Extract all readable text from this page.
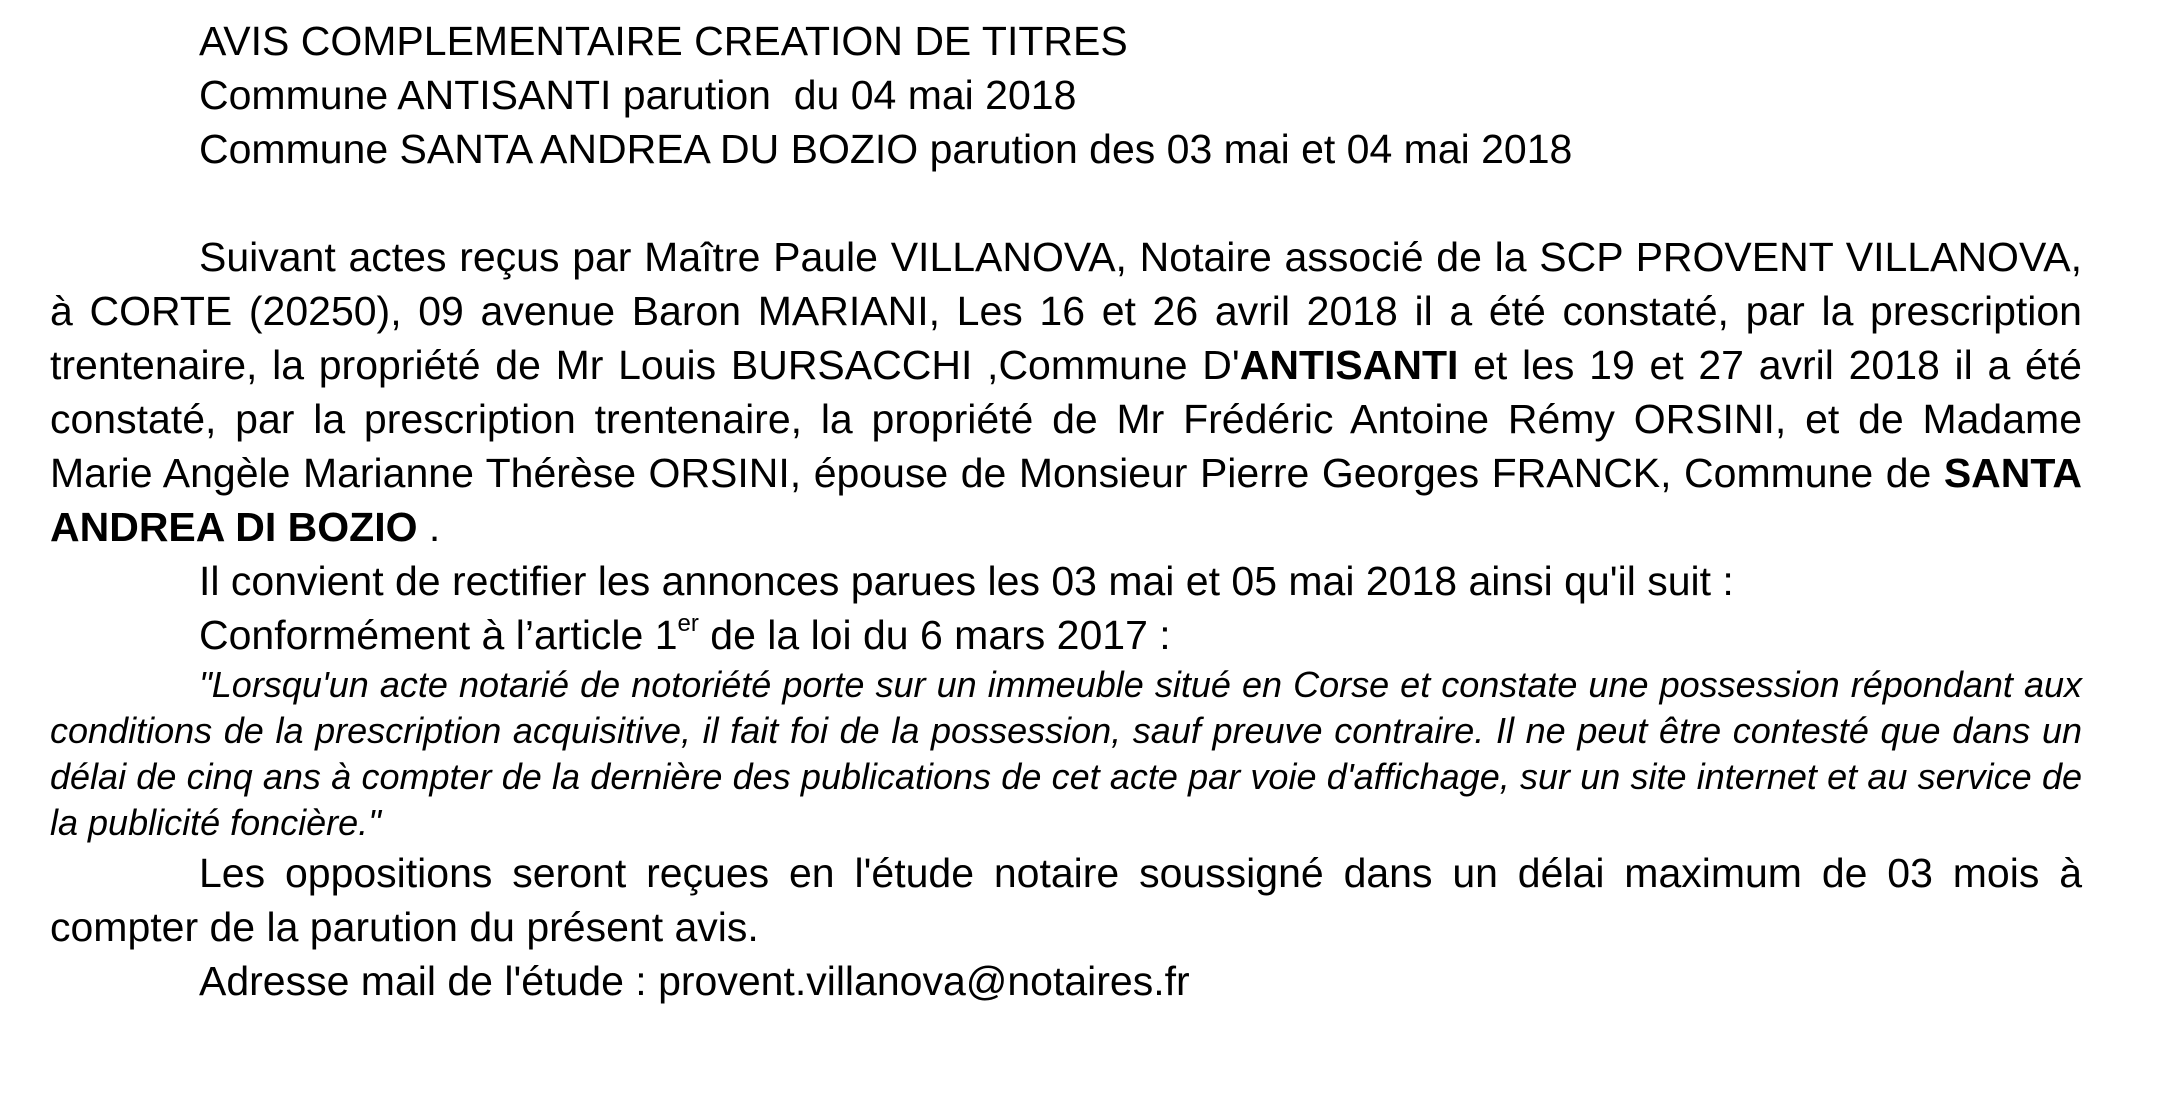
AVIS COMPLEMENTAIRE CREATION DE TITRES
Commune ANTISANTI parution  du 04 mai 2018
Commune SANTA ANDREA DU BOZIO parution des 03 mai et 04 mai 2018

Suivant actes reçus par Maître Paule VILLANOVA, Notaire associé de la SCP PROVENT VILLANOVA, à CORTE (20250), 09 avenue Baron MARIANI, Les 16 et 26 avril 2018 il a été constaté, par la prescription trentenaire, la propriété de Mr Louis BURSACCHI ,Commune D'ANTISANTI et les 19 et 27 avril 2018 il a été constaté, par la prescription trentenaire, la propriété de Mr Frédéric Antoine Rémy ORSINI, et de Madame Marie Angèle Marianne Thérèse ORSINI, épouse de Monsieur Pierre Georges FRANCK, Commune de SANTA ANDREA DI BOZIO .

Il convient de rectifier les annonces parues les 03 mai et 05 mai 2018 ainsi qu'il suit :

Conformément à l’article 1er de la loi du 6 mars 2017 :

"Lorsqu'un acte notarié de notoriété porte sur un immeuble situé en Corse et constate une possession répondant aux conditions de la prescription acquisitive, il fait foi de la possession, sauf preuve contraire. Il ne peut être contesté que dans un délai de cinq ans à compter de la dernière des publications de cet acte par voie d'affichage, sur un site internet et au service de la publicité foncière."

Les oppositions seront reçues en l'étude notaire soussigné dans un délai maximum de 03 mois à compter de la parution du présent avis.

Adresse mail de l'étude : provent.villanova@notaires.fr
